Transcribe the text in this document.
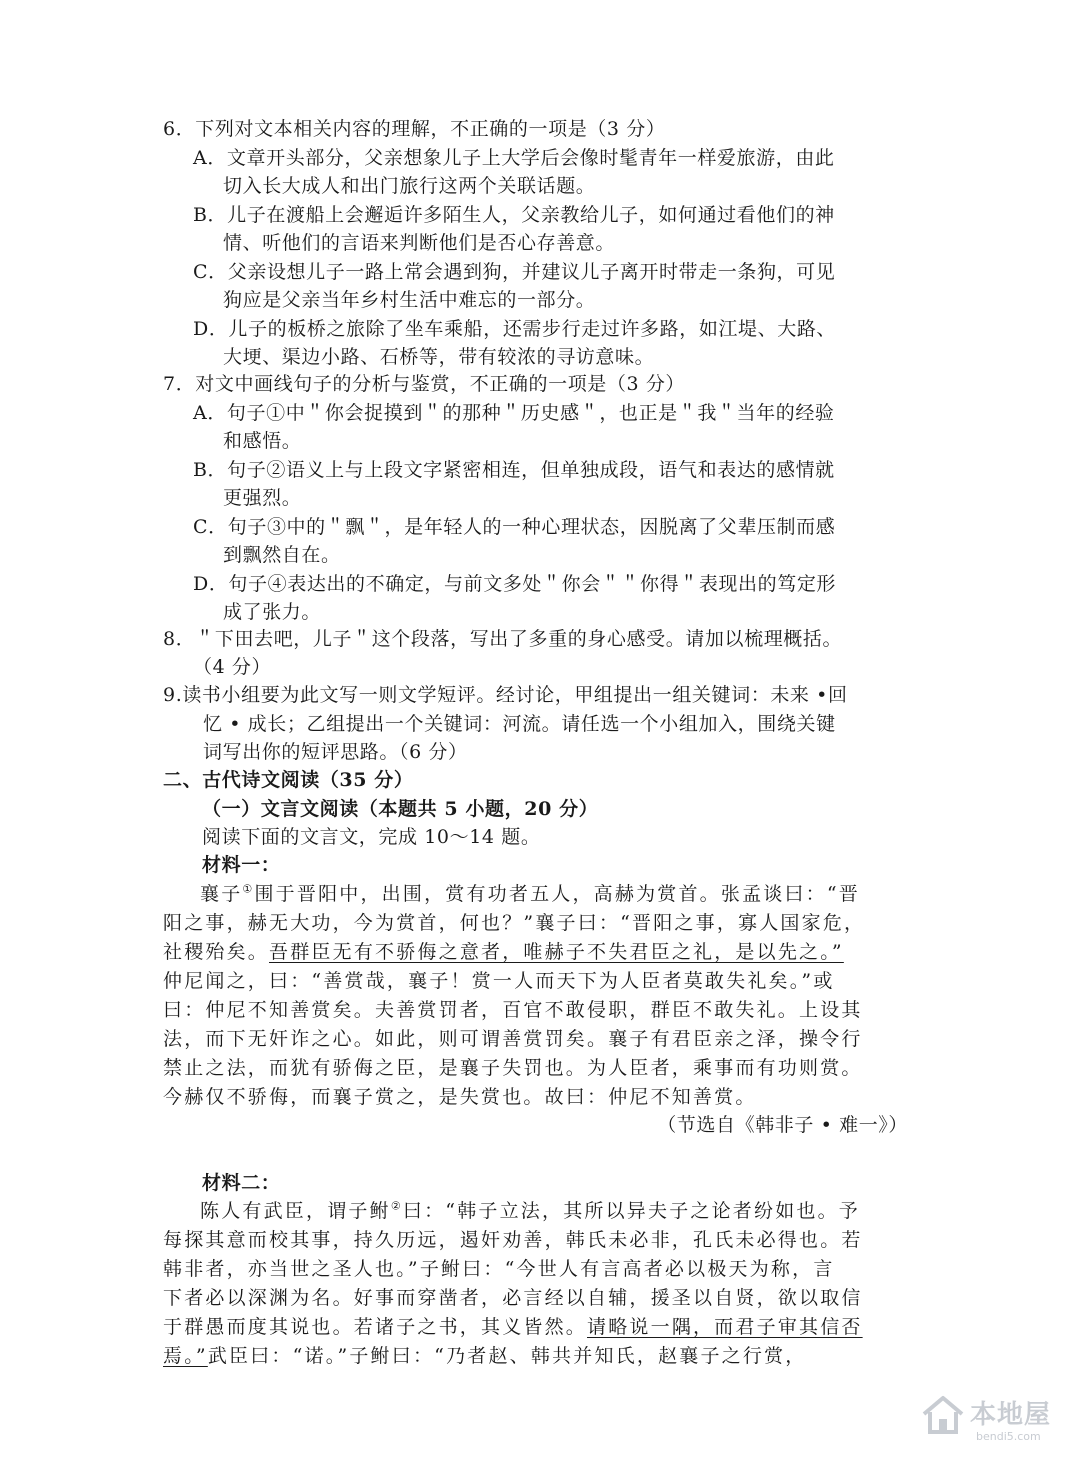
6．下列对文本相关内容的理解，不正确的一项是（3 分）
A．文章开头部分，父亲想象儿子上大学后会像时髦青年一样爱旅游，由此
切入长大成人和出门旅行这两个关联话题。
B．儿子在渡船上会邂逅许多陌生人，父亲教给儿子，如何通过看他们的神
情、听他们的言语来判断他们是否心存善意。
C．父亲设想儿子一路上常会遇到狗，并建议儿子离开时带走一条狗，可见
狗应是父亲当年乡村生活中难忘的一部分。
D．儿子的板桥之旅除了坐车乘船，还需步行走过许多路，如江堤、大路、
大埂、渠边小路、石桥等，带有较浓的寻访意味。
7．对文中画线句子的分析与鉴赏，不正确的一项是（3 分）
A．句子①中＂你会捉摸到＂的那种＂历史感＂，也正是＂我＂当年的经验
和感悟。
B．句子②语义上与上段文字紧密相连，但单独成段，语气和表达的感情就
更强烈。
C．句子③中的＂飘＂，是年轻人的一种心理状态，因脱离了父辈压制而感
到飘然自在。
D．句子④表达出的不确定，与前文多处＂你会＂＂你得＂表现出的笃定形
成了张力。
8．＂下田去吧，儿子＂这个段落，写出了多重的身心感受。请加以梳理概括。
（4 分）
9.读书小组要为此文写一则文学短评。经讨论，甲组提出一组关键词：未来 •回
忆 • 成长；乙组提出一个关键词：河流。请任选一个小组加入，围绕关键
词写出你的短评思路。（6 分）
二、古代诗文阅读（35 分）
（一）文言文阅读（本题共 5 小题，20 分）
阅读下面的文言文，完成 10～14 题。
材料一：
襄子①围于晋阳中，出围，赏有功者五人，高赫为赏首。张孟谈曰：“晋
阳之事，赫无大功，今为赏首，何也？”襄子曰：“晋阳之事，寡人国家危，
社稷殆矣。吾群臣无有不骄侮之意者，唯赫子不失君臣之礼，是以先之。”
仲尼闻之，曰：“善赏哉，襄子！赏一人而天下为人臣者莫敢失礼矣。”或
曰：仲尼不知善赏矣。夫善赏罚者，百官不敢侵职，群臣不敢失礼。上设其
法，而下无奸诈之心。如此，则可谓善赏罚矣。襄子有君臣亲之泽，操令行
禁止之法，而犹有骄侮之臣，是襄子失罚也。为人臣者，乘事而有功则赏。
今赫仅不骄侮，而襄子赏之，是失赏也。故曰：仲尼不知善赏。
（节选自《韩非子 • 难一》）
材料二：
陈人有武臣，谓子鲋②曰：“韩子立法，其所以异夫子之论者纷如也。予
每探其意而校其事，持久历远，遏奸劝善，韩氏未必非，孔氏未必得也。若
韩非者，亦当世之圣人也。”子鲋曰：“今世人有言高者必以极天为称，言
下者必以深渊为名。好事而穿凿者，必言经以自辅，援圣以自贤，欲以取信
于群愚而度其说也。若诸子之书，其义皆然。请略说一隅，而君子审其信否
焉。”武臣曰：“诺。”子鲋曰：“乃者赵、韩共并知氏，赵襄子之行赏，
本地屋
bendi5.com
